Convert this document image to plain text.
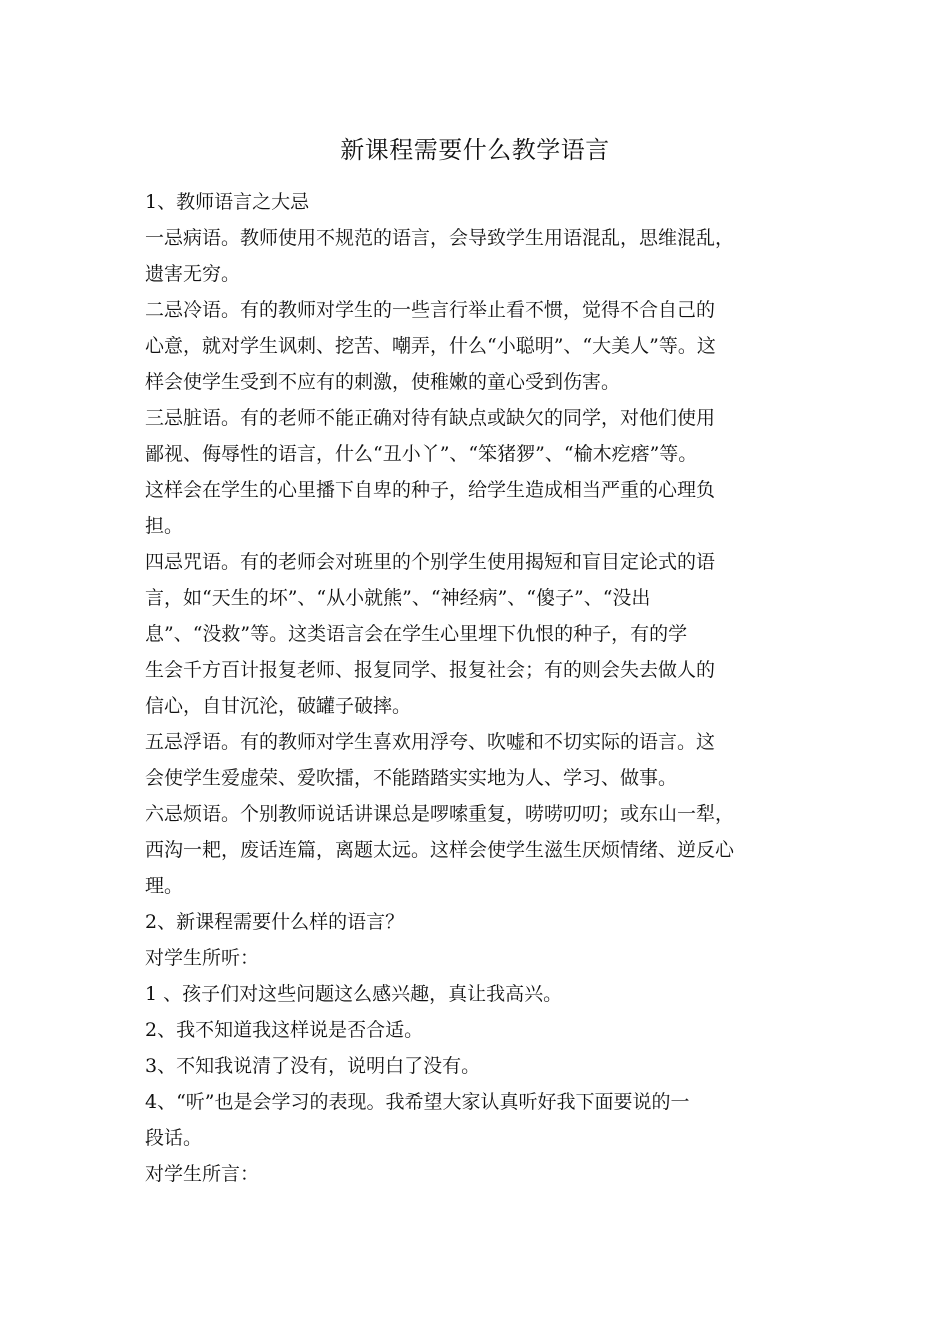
新课程需要什么教学语言
1、教师语言之大忌
一忌病语。教师使用不规范的语言，会导致学生用语混乱，思维混乱，
遗害无穷。
二忌冷语。有的教师对学生的一些言行举止看不惯，觉得不合自己的
心意，就对学生讽刺、挖苦、嘲弄，什么“小聪明”、“大美人”等。这
样会使学生受到不应有的刺激，使稚嫩的童心受到伤害。
三忌脏语。有的老师不能正确对待有缺点或缺欠的同学，对他们使用
鄙视、侮辱性的语言，什么“丑小丫”、“笨猪猡”、“榆木疙瘩”等。
这样会在学生的心里播下自卑的种子，给学生造成相当严重的心理负
担。
四忌咒语。有的老师会对班里的个别学生使用揭短和盲目定论式的语
言，如“天生的坏”、“从小就熊”、“神经病”、“傻子”、“没出
息”、“没救”等。这类语言会在学生心里埋下仇恨的种子，有的学
生会千方百计报复老师、报复同学、报复社会；有的则会失去做人的
信心，自甘沉沦，破罐子破摔。
五忌浮语。有的教师对学生喜欢用浮夸、吹嘘和不切实际的语言。这
会使学生爱虚荣、爱吹擂，不能踏踏实实地为人、学习、做事。
六忌烦语。个别教师说话讲课总是啰嗦重复，唠唠叨叨；或东山一犁，
西沟一耙，废话连篇，离题太远。这样会使学生滋生厌烦情绪、逆反心
理。
2、新课程需要什么样的语言？
对学生所听：
1 、孩子们对这些问题这么感兴趣，真让我高兴。
2、我不知道我这样说是否合适。
3、不知我说清了没有，说明白了没有。
4、“听”也是会学习的表现。我希望大家认真听好我下面要说的一
段话。
对学生所言：
